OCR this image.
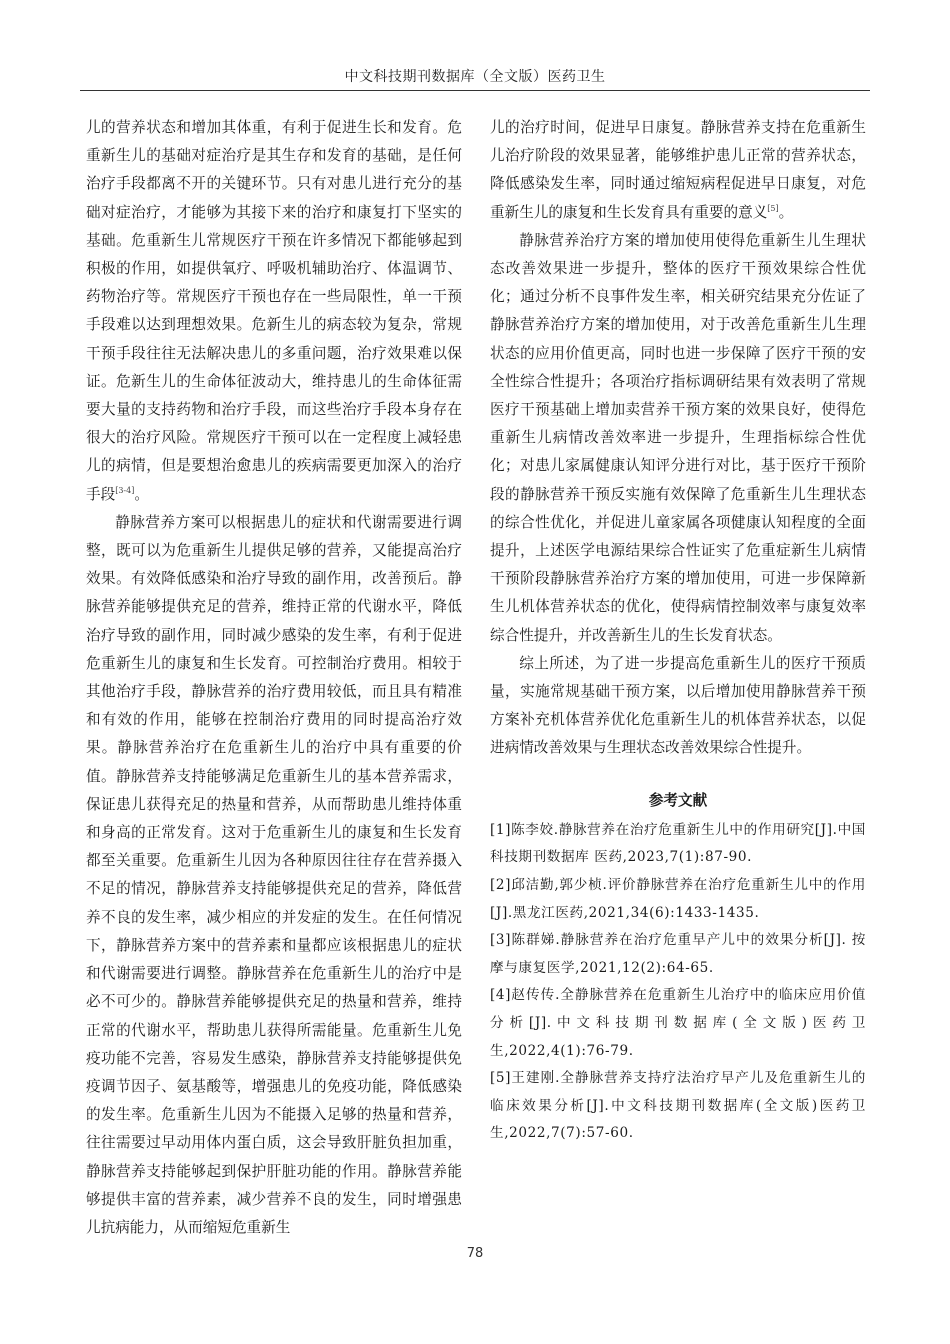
中文科技期刊数据库（全文版）医药卫生

儿的营养状态和增加其体重，有利于促进生长和发育。危重新生儿的基础对症治疗是其生存和发育的基础，是任何治疗手段都离不开的关键环节。只有对患儿进行充分的基础对症治疗，才能够为其接下来的治疗和康复打下坚实的基础。危重新生儿常规医疗干预在许多情况下都能够起到积极的作用，如提供氧疗、呼吸机辅助治疗、体温调节、药物治疗等。常规医疗干预也存在一些局限性，单一干预手段难以达到理想效果。危新生儿的病态较为复杂，常规干预手段往往无法解决患儿的多重问题，治疗效果难以保证。危新生儿的生命体征波动大，维持患儿的生命体征需要大量的支持药物和治疗手段，而这些治疗手段本身存在很大的治疗风险。常规医疗干预可以在一定程度上减轻患儿的病情，但是要想治愈患儿的疾病需要更加深入的治疗手段[3-4]。

静脉营养方案可以根据患儿的症状和代谢需要进行调整，既可以为危重新生儿提供足够的营养，又能提高治疗效果。有效降低感染和治疗导致的副作用，改善预后。静脉营养能够提供充足的营养，维持正常的代谢水平，降低治疗导致的副作用，同时减少感染的发生率，有利于促进危重新生儿的康复和生长发育。可控制治疗费用。相较于其他治疗手段，静脉营养的治疗费用较低，而且具有精准和有效的作用，能够在控制治疗费用的同时提高治疗效果。静脉营养治疗在危重新生儿的治疗中具有重要的价值。静脉营养支持能够满足危重新生儿的基本营养需求，保证患儿获得充足的热量和营养，从而帮助患儿维持体重和身高的正常发育。这对于危重新生儿的康复和生长发育都至关重要。危重新生儿因为各种原因往往存在营养摄入不足的情况，静脉营养支持能够提供充足的营养，降低营养不良的发生率，减少相应的并发症的发生。在任何情况下，静脉营养方案中的营养素和量都应该根据患儿的症状和代谢需要进行调整。静脉营养在危重新生儿的治疗中是必不可少的。静脉营养能够提供充足的热量和营养，维持正常的代谢水平，帮助患儿获得所需能量。危重新生儿免疫功能不完善，容易发生感染，静脉营养支持能够提供免疫调节因子、氨基酸等，增强患儿的免疫功能，降低感染的发生率。危重新生儿因为不能摄入足够的热量和营养，往往需要过早动用体内蛋白质，这会导致肝脏负担加重，静脉营养支持能够起到保护肝脏功能的作用。静脉营养能够提供丰富的营养素，减少营养不良的发生，同时增强患儿抗病能力，从而缩短危重新生

儿的治疗时间，促进早日康复。静脉营养支持在危重新生儿治疗阶段的效果显著，能够维护患儿正常的营养状态，降低感染发生率，同时通过缩短病程促进早日康复，对危重新生儿的康复和生长发育具有重要的意义[5]。

静脉营养治疗方案的增加使用使得危重新生儿生理状态改善效果进一步提升，整体的医疗干预效果综合性优化；通过分析不良事件发生率，相关研究结果充分佐证了静脉营养治疗方案的增加使用，对于改善危重新生儿生理状态的应用价值更高，同时也进一步保障了医疗干预的安全性综合性提升；各项治疗指标调研结果有效表明了常规医疗干预基础上增加卖营养干预方案的效果良好，使得危重新生儿病情改善效率进一步提升，生理指标综合性优化；对患儿家属健康认知评分进行对比，基于医疗干预阶段的静脉营养干预反实施有效保障了危重新生儿生理状态的综合性优化，并促进儿童家属各项健康认知程度的全面提升，上述医学电源结果综合性证实了危重症新生儿病情干预阶段静脉营养治疗方案的增加使用，可进一步保障新生儿机体营养状态的优化，使得病情控制效率与康复效率综合性提升，并改善新生儿的生长发育状态。

综上所述，为了进一步提高危重新生儿的医疗干预质量，实施常规基础干预方案，以后增加使用静脉营养干预方案补充机体营养优化危重新生儿的机体营养状态，以促进病情改善效果与生理状态改善效果综合性提升。

参考文献

[1]陈李姣.静脉营养在治疗危重新生儿中的作用研究[J].中国科技期刊数据库 医药,2023,7(1):87-90.

[2]邱洁勤,郭少桢.评价静脉营养在治疗危重新生儿中的作用[J].黑龙江医药,2021,34(6):1433-1435.

[3]陈群娣.静脉营养在治疗危重早产儿中的效果分析[J]. 按摩与康复医学,2021,12(2):64-65.

[4]赵传传.全静脉营养在危重新生儿治疗中的临床应用价值分析[J].中文科技期刊数据库(全文版)医药卫生,2022,4(1):76-79.

[5]王建刚.全静脉营养支持疗法治疗早产儿及危重新生儿的临床效果分析[J].中文科技期刊数据库(全文版)医药卫生,2022,7(7):57-60.

78
